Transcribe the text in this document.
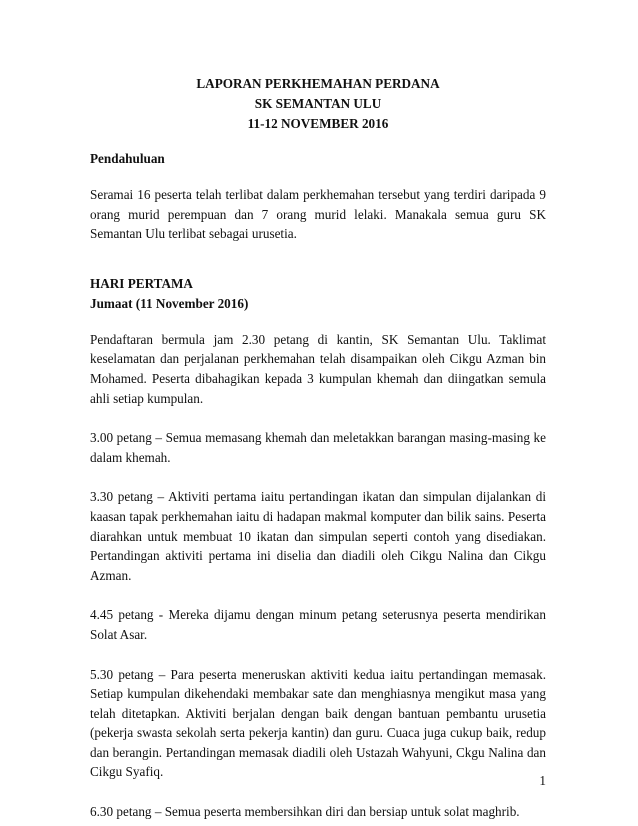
LAPORAN PERKHEMAHAN PERDANA
SK SEMANTAN ULU
11-12 NOVEMBER 2016
Pendahuluan

Seramai 16 peserta telah terlibat dalam perkhemahan tersebut yang terdiri daripada 9 orang murid perempuan dan 7 orang murid lelaki. Manakala semua guru SK Semantan Ulu terlibat sebagai urusetia.

HARI PERTAMA
Jumaat (11 November 2016)

Pendaftaran bermula jam 2.30 petang di kantin, SK Semantan Ulu. Taklimat keselamatan dan perjalanan perkhemahan telah disampaikan oleh Cikgu Azman bin Mohamed. Peserta dibahagikan kepada 3 kumpulan khemah dan diingatkan semula ahli setiap kumpulan.

3.00 petang – Semua memasang khemah dan meletakkan barangan masing-masing ke dalam khemah.

3.30 petang – Aktiviti pertama iaitu pertandingan ikatan dan simpulan dijalankan di kaasan tapak perkhemahan iaitu di hadapan makmal komputer dan bilik sains. Peserta diarahkan untuk membuat 10 ikatan dan simpulan seperti contoh yang disediakan. Pertandingan aktiviti pertama ini diselia dan diadili oleh Cikgu Nalina dan Cikgu Azman.

4.45 petang - Mereka dijamu dengan minum petang seterusnya peserta mendirikan Solat Asar.

5.30 petang – Para peserta meneruskan aktiviti kedua iaitu pertandingan memasak. Setiap kumpulan dikehendaki membakar sate dan menghiasnya mengikut masa yang telah ditetapkan. Aktiviti berjalan dengan baik dengan bantuan pembantu urusetia (pekerja swasta sekolah serta pekerja kantin) dan guru. Cuaca juga cukup baik, redup dan berangin. Pertandingan memasak diadili oleh Ustazah Wahyuni, Ckgu Nalina dan Cikgu Syafiq.

6.30 petang – Semua peserta membersihkan diri dan bersiap untuk solat maghrib.

1
